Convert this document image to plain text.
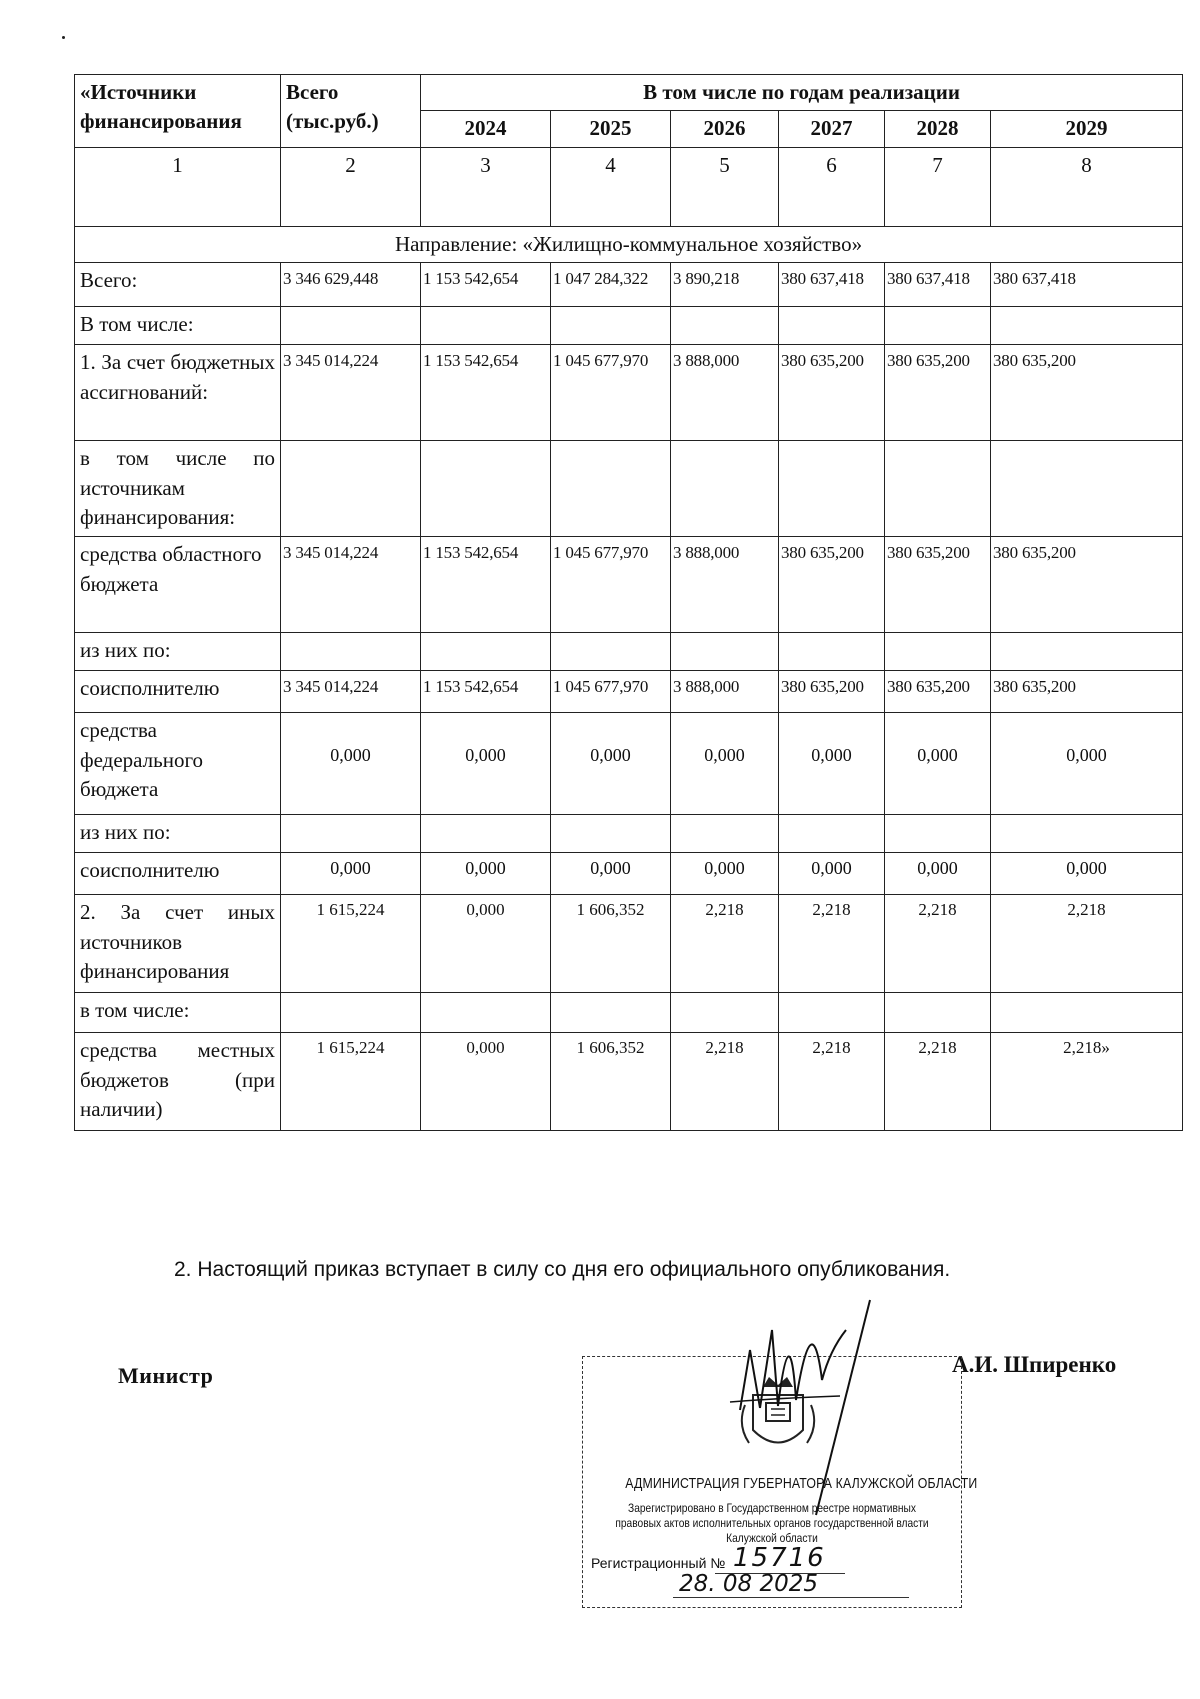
«Источники финансирования	Всего (тыс.руб.)	В том числе по годам реализации					
		2024	2025	2026	2027	2028	2029
1	2	3	4	5	6	7	8
Направление: «Жилищно-коммунальное хозяйство»							
Всего:	3 346 629,448	1 153 542,654	1 047 284,322	3 890,218	380 637,418	380 637,418	380 637,418
В том числе:							
1. За счет бюджетных ассигнований:	3 345 014,224	1 153 542,654	1 045 677,970	3 888,000	380 635,200	380 635,200	380 635,200
в том числе по источникам финансирования:							
средства областного бюджета	3 345 014,224	1 153 542,654	1 045 677,970	3 888,000	380 635,200	380 635,200	380 635,200
из них по:							
соисполнителю	3 345 014,224	1 153 542,654	1 045 677,970	3 888,000	380 635,200	380 635,200	380 635,200
средства федерального бюджета	0,000	0,000	0,000	0,000	0,000	0,000	0,000
из них по:							
соисполнителю	0,000	0,000	0,000	0,000	0,000	0,000	0,000
2. За счет иных источников финансирования	1 615,224	0,000	1 606,352	2,218	2,218	2,218	2,218
в том числе:							
средства местных бюджетов (при наличии)	1 615,224	0,000	1 606,352	2,218	2,218	2,218	2,218»
2. Настоящий приказ вступает в силу со дня его официального опубликования.
Министр	А.И. Шпиренко
АДМИНИСТРАЦИЯ ГУБЕРНАТОРА КАЛУЖСКОЙ ОБЛАСТИ
Зарегистрировано в Государственном реестре нормативных правовых актов исполнительных органов государственной власти Калужской области
Регистрационный № 15716
28. 08 2025
